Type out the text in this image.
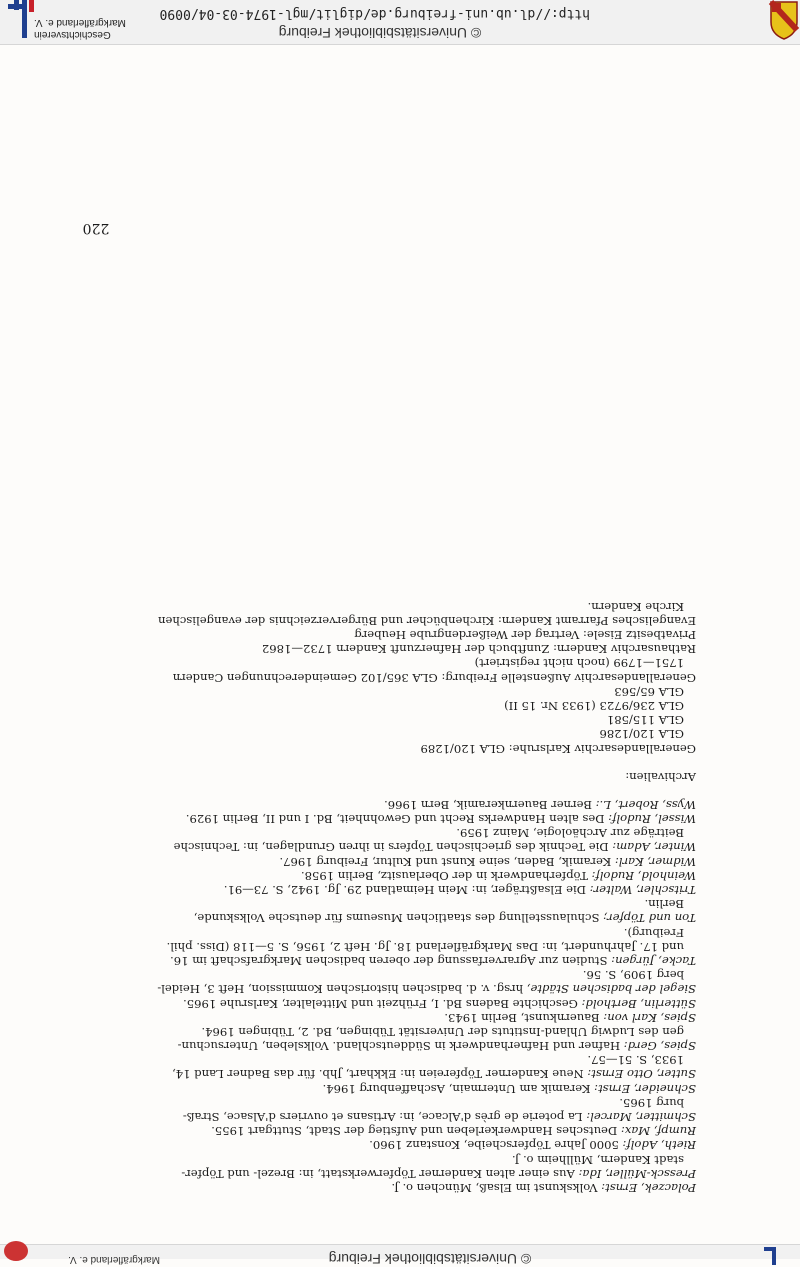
http://dl.ub.uni-freiburg.de/diglit/mgl-1974-03-04/0090
© Universitätsbibliothek Freiburg
Geschichtsverein
Markgräflerland e. V.
Polaczek, Ernst: Volkskunst im Elsaß, München o. J.
Pressck-Müller, Ida: Aus einer alten Kanderner Töpferwerkstatt, in: Brezel- und Töpfer-
stadt Kandern, Müllheim o. J.
Rieth, Adolf: 5000 Jahre Töpferscheibe, Konstanz 1960.
Rumpf, Max: Deutsches Handwerkerleben und Aufstieg der Stadt, Stuttgart 1955.
Schmitter, Marcel: La poterie de grès d'Alcace, in: Artisans et ouvriers d'Alsace, Straß-
burg 1965.
Schneider, Ernst: Keramik am Untermain, Aschaffenburg 1964.
Sutter, Otto Ernst: Neue Kanderner Töpfereien in: Ekkhart, Jhb. für das Badner Land 14,
1933, S. 51—57.
Spies, Gerd: Hafner und Hafnerhandwerk in Süddeutschland. Volksleben, Untersuchun-
gen des Ludwig Uhland-Instituts der Universität Tübingen, Bd. 2, Tübingen 1964.
Spies, Karl von: Bauernkunst, Berlin 1943.
Sütterlin, Berthold: Geschichte Badens Bd. I, Frühzeit und Mittelalter, Karlsruhe 1965.
Siegel der badischen Städte, hrsg. v. d. badischen historischen Kommission, Heft 3, Heidel-
berg 1909, S. 56.
Tacke, Jürgen: Studien zur Agrarverfassung der oberen badischen Markgrafschaft im 16.
und 17. Jahrhundert, in: Das Markgräflerland 18. Jg. Heft 2, 1956, S. 5—118 (Diss. phil.
Freiburg).
Ton und Töpfer; Schulausstellung des staatlichen Museums für deutsche Volkskunde,
Berlin.
Tritschler, Walter: Die Elsaßträger, in: Mein Heimatland 29. Jg. 1942, S. 73—91.
Weinhold, Rudolf: Töpferhandwerk in der Oberlausitz, Berlin 1958.
Widmer, Karl: Keramik, Baden, seine Kunst und Kultur, Freiburg 1967.
Winter, Adam: Die Technik des griechischen Töpfers in ihren Grundlagen, in: Technische
Beiträge zur Archäologie, Mainz 1959.
Wissel, Rudolf: Des alten Handwerks Recht und Gewohnheit, Bd. I und II, Berlin 1929.
Wyss, Robert, L.: Berner Bauernkeramik, Bern 1966.
Archivalien:
Generallandesarchiv Karlsruhe: GLA 120/1289
GLA 120/1286
GLA 115/581
GLA 236/9723 (1933 Nr. 15 II)
GLA 65/563
Generallandesarchiv Außenstelle Freiburg: GLA 365/102 Gemeinderechnungen Candern
1751—1799 (noch nicht registriert)
Rathausarchiv Kandern: Zunftbuch der Hafnerzunft Kandern 1732—1862
Privatbesitz Eisele: Vertrag der Weißerdengrube Heuberg
Evangelisches Pfarramt Kandern: Kirchenbücher und Bürgerverzeichnis der evangelischen
Kirche Kandern.
220
© Universitätsbibliothek Freiburg
Markgräflerland e. V.
